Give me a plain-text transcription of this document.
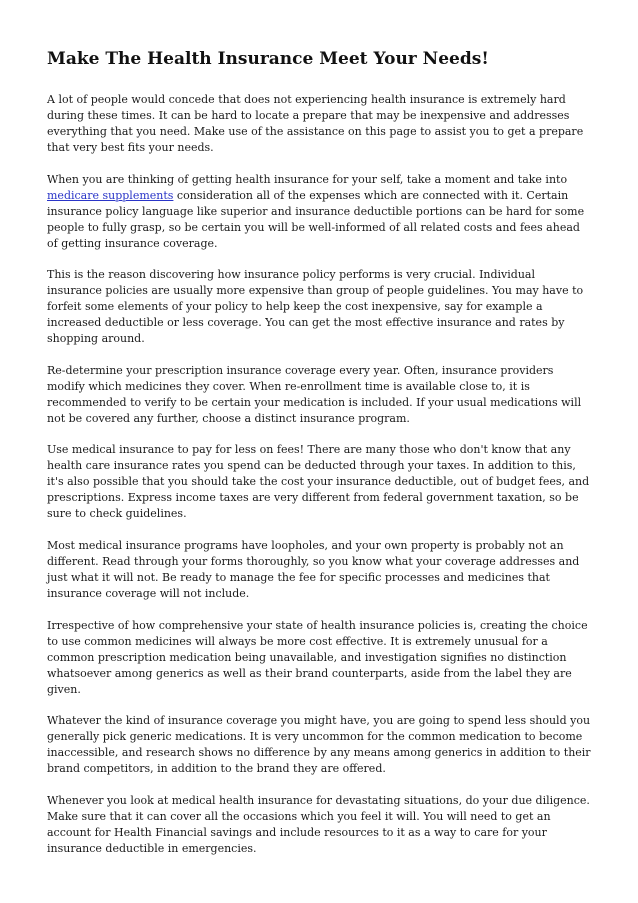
Make The Health Insurance Meet Your Needs!

A lot of people would concede that does not experiencing health insurance is extremely hard during these times. It can be hard to locate a prepare that may be inexpensive and addresses everything that you need. Make use of the assistance on this page to assist you to get a prepare that very best fits your needs.

When you are thinking of getting health insurance for your self, take a moment and take into medicare supplements consideration all of the expenses which are connected with it. Certain insurance policy language like superior and insurance deductible portions can be hard for some people to fully grasp, so be certain you will be well-informed of all related costs and fees ahead of getting insurance coverage.

This is the reason discovering how insurance policy performs is very crucial. Individual insurance policies are usually more expensive than group of people guidelines. You may have to forfeit some elements of your policy to help keep the cost inexpensive, say for example a increased deductible or less coverage. You can get the most effective insurance and rates by shopping around.

Re-determine your prescription insurance coverage every year. Often, insurance providers modify which medicines they cover. When re-enrollment time is available close to, it is recommended to verify to be certain your medication is included. If your usual medications will not be covered any further, choose a distinct insurance program.

Use medical insurance to pay for less on fees! There are many those who don't know that any health care insurance rates you spend can be deducted through your taxes. In addition to this, it's also possible that you should take the cost your insurance deductible, out of budget fees, and prescriptions. Express income taxes are very different from federal government taxation, so be sure to check guidelines.

Most medical insurance programs have loopholes, and your own property is probably not an different. Read through your forms thoroughly, so you know what your coverage addresses and just what it will not. Be ready to manage the fee for specific processes and medicines that insurance coverage will not include.

Irrespective of how comprehensive your state of health insurance policies is, creating the choice to use common medicines will always be more cost effective. It is extremely unusual for a common prescription medication being unavailable, and investigation signifies no distinction whatsoever among generics as well as their brand counterparts, aside from the label they are given.

Whatever the kind of insurance coverage you might have, you are going to spend less should you generally pick generic medications. It is very uncommon for the common medication to become inaccessible, and research shows no difference by any means among generics in addition to their brand competitors, in addition to the brand they are offered.

Whenever you look at medical health insurance for devastating situations, do your due diligence. Make sure that it can cover all the occasions which you feel it will. You will need to get an account for Health Financial savings and include resources to it as a way to care for your insurance deductible in emergencies.
